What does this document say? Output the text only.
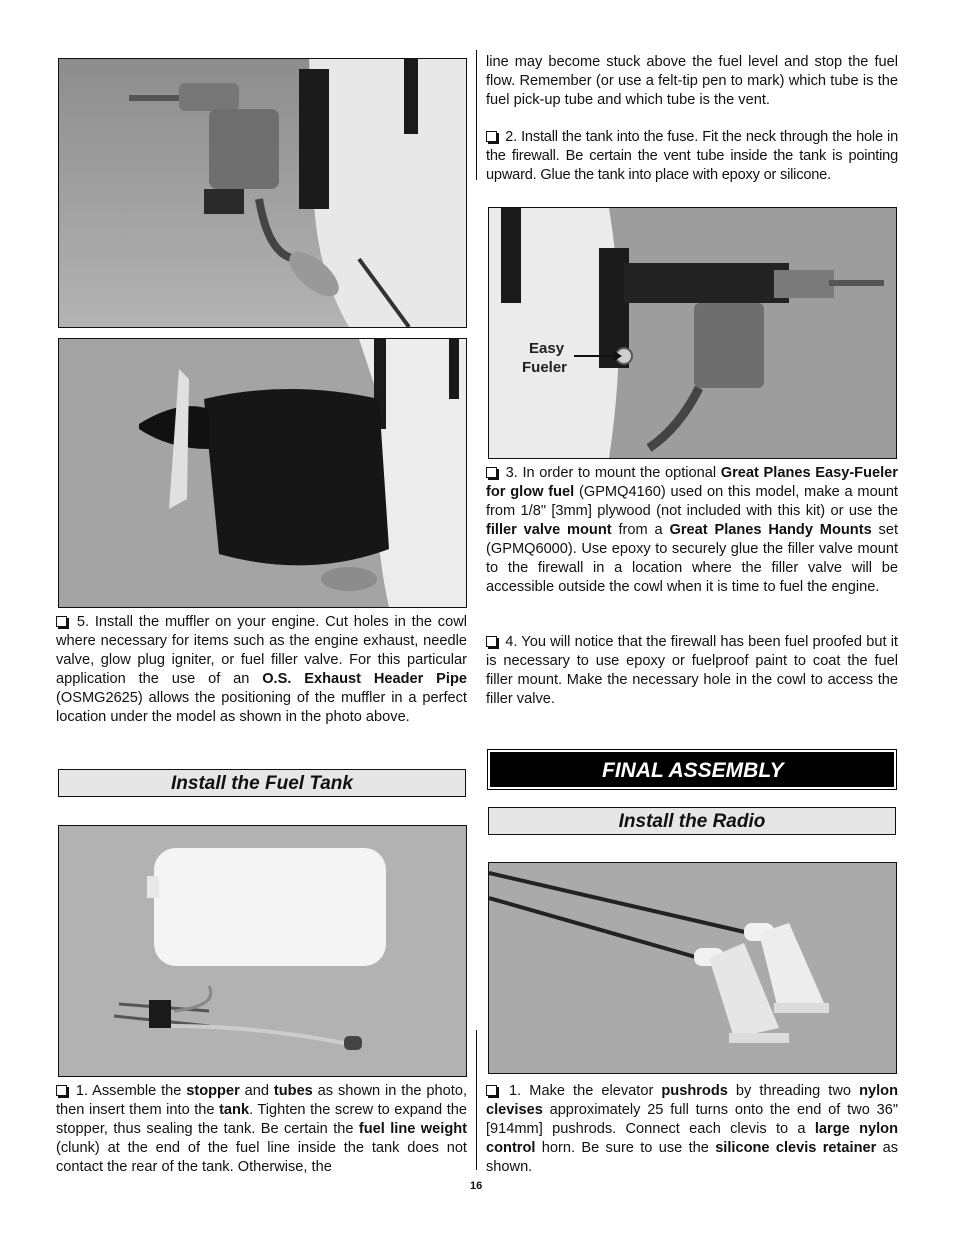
5. Install the muffler on your engine. Cut holes in the cowl where necessary for items such as the engine exhaust, needle valve, glow plug igniter, or fuel filler valve. For this particular application the use of an O.S. Exhaust Header Pipe (OSMG2625) allows the positioning of the muffler in a perfect location under the model as shown in the photo above.

Install the Fuel Tank

1. Assemble the stopper and tubes as shown in the photo, then insert them into the tank. Tighten the screw to expand the stopper, thus sealing the tank. Be certain the fuel line weight (clunk) at the end of the fuel line inside the tank does not contact the rear of the tank. Otherwise, the

line may become stuck above the fuel level and stop the fuel flow. Remember (or use a felt-tip pen to mark) which tube is the fuel pick-up tube and which tube is the vent.

2. Install the tank into the fuse. Fit the neck through the hole in the firewall. Be certain the vent tube inside the tank is pointing upward. Glue the tank into place with epoxy or silicone.

Easy
Fueler

3. In order to mount the optional Great Planes Easy-Fueler for glow fuel (GPMQ4160) used on this model, make a mount from 1/8" [3mm] plywood (not included with this kit) or use the filler valve mount from a Great Planes Handy Mounts set (GPMQ6000). Use epoxy to securely glue the filler valve mount to the firewall in a location where the filler valve will be accessible outside the cowl when it is time to fuel the engine.

4. You will notice that the firewall has been fuel proofed but it is necessary to use epoxy or fuelproof paint to coat the fuel filler mount. Make the necessary hole in the cowl to access the filler valve.

FINAL ASSEMBLY
Install the Radio

1. Make the elevator pushrods by threading two nylon clevises approximately 25 full turns onto the end of two 36" [914mm] pushrods. Connect each clevis to a large nylon control horn. Be sure to use the silicone clevis retainer as shown.

16
